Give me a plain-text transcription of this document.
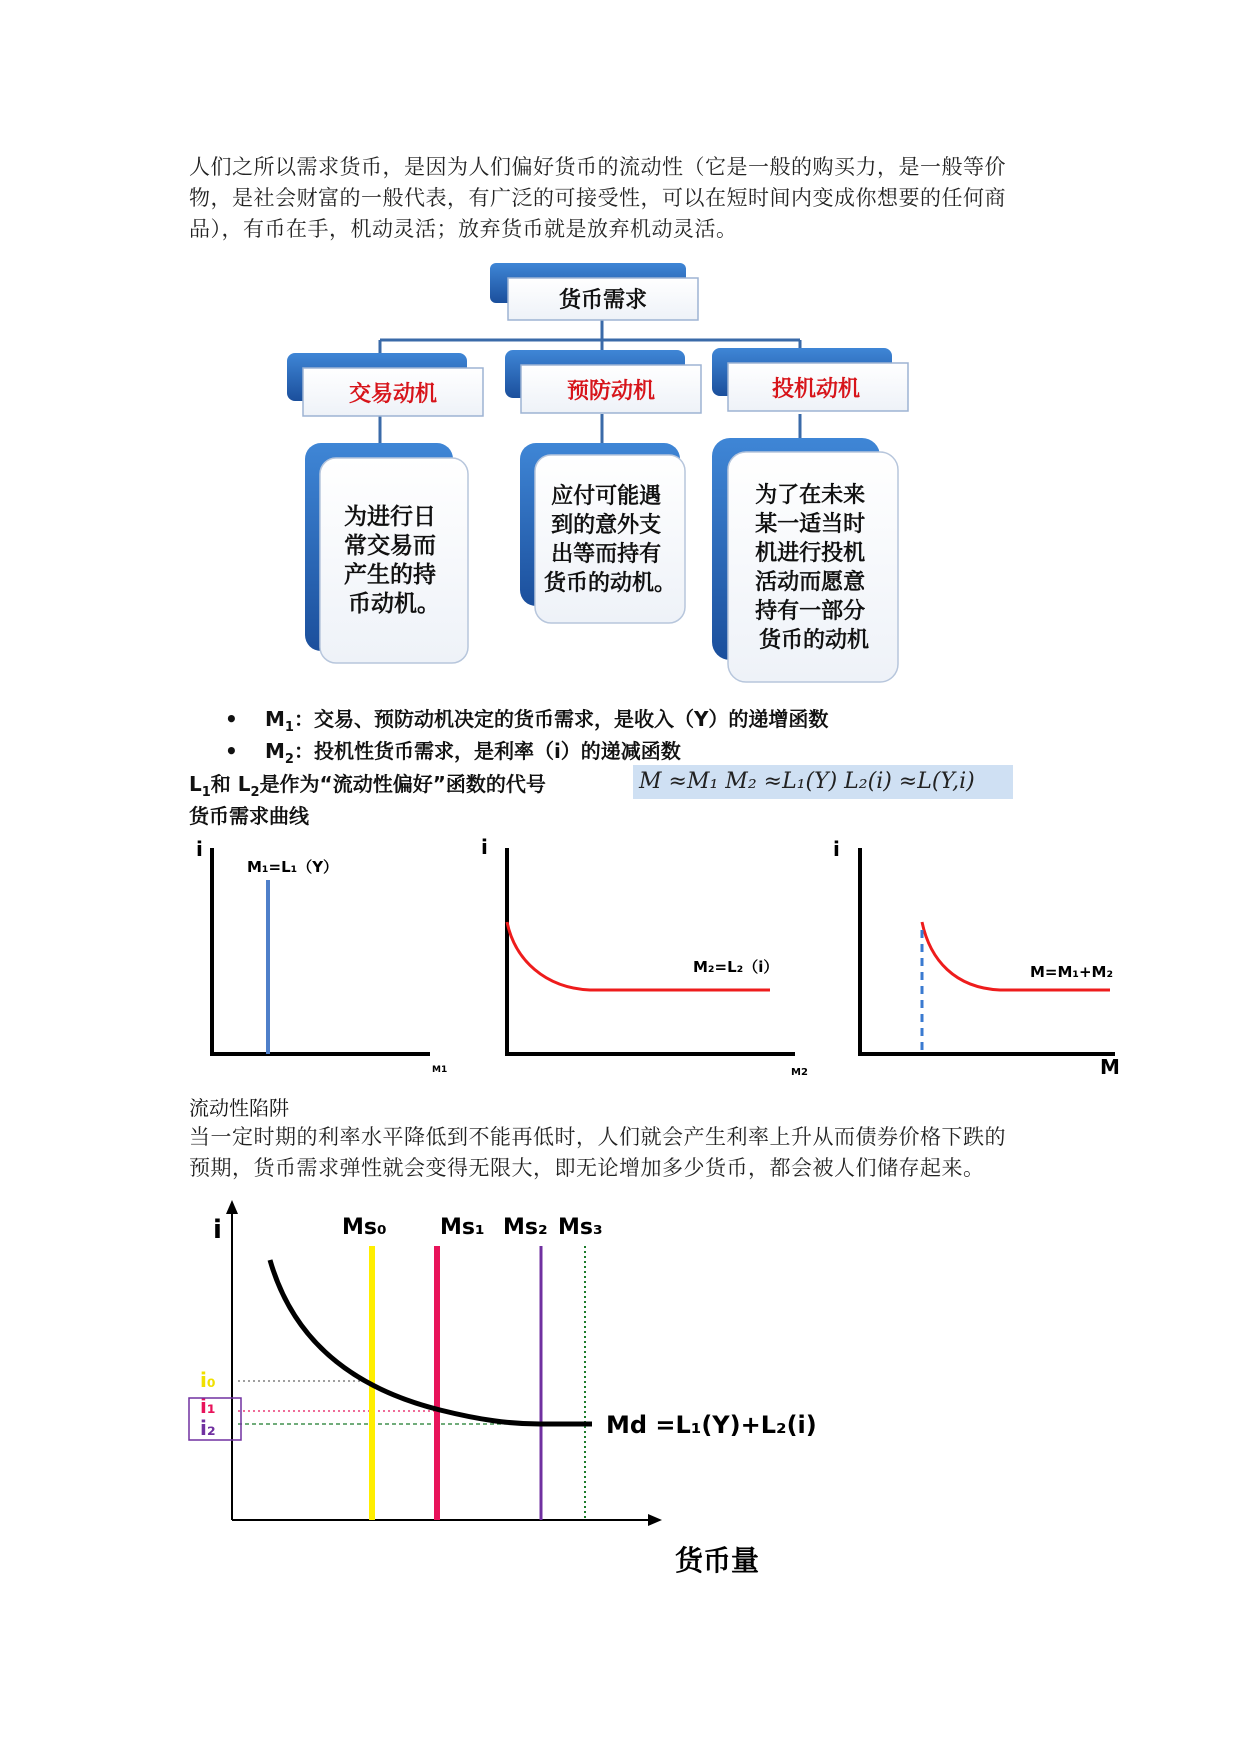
人们之所以需求货币，是因为人们偏好货币的流动性（它是一般的购买力，是一般等价
物，是社会财富的一般代表，有广泛的可接受性，可以在短时间内变成你想要的任何商
品），有币在手，机动灵活；放弃货币就是放弃机动灵活。
货币需求
交易动机	预防动机	投机动机
为进行日 常交易而 产生的持 币动机。
应付可能遇 到的意外支 出等而持有 货币的动机。
为了在未来 某一适当时 机进行投机 活动而愿意 持有一部分 货币的动机
• $M_1$：交易、预防动机决定的货币需求，是收入（Y）的递增函数
• $M_2$：投机性货币需求，是利率（i）的递减函数
$L_1$和 $L_2$是作为“流动性偏好”函数的代号	M ≈M₁ M₂ ≈L₁(Y) L₂(i) ≈L(Y,i)
货币需求曲线
i
M₁=L₁（Y）
M1
i
M₂=L₂（i）
M2
i
M=M₁+M₂
M
流动性陷阱
当一定时期的利率水平降低到不能再低时，人们就会产生利率上升从而债券价格下跌的
预期，货币需求弹性就会变得无限大，即无论增加多少货币，都会被人们储存起来。
i
货币量
Ms₀ Ms₁ Ms₂ Ms₃
Md =L₁(Y)+L₂(i)
i₀
i₁
i₂
